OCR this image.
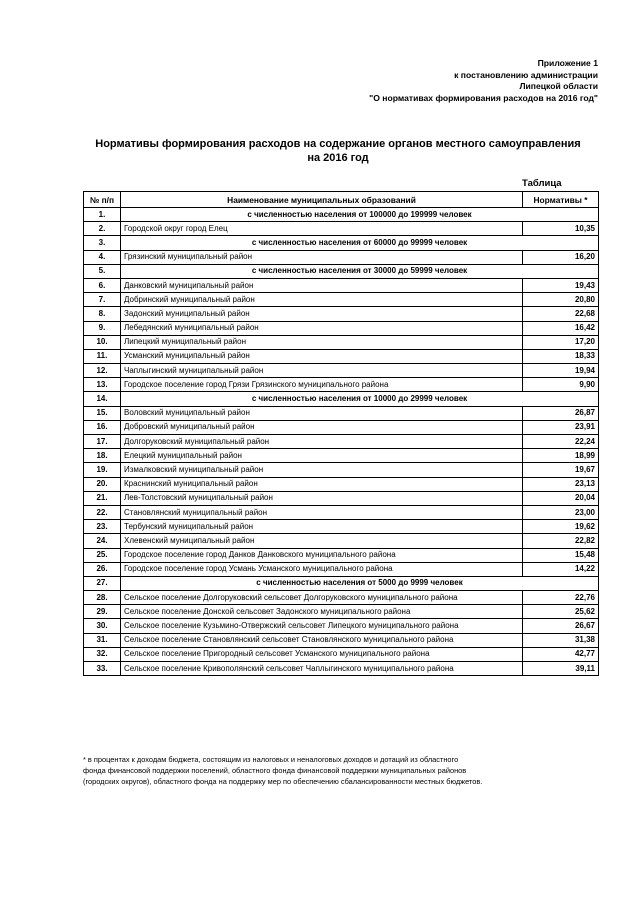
Приложение 1
к постановлению администрации
Липецкой области
"О нормативах формирования расходов на 2016 год"
Нормативы формирования расходов на содержание органов местного самоуправления
на 2016 год
Таблица
№ п/п	Наименование муниципальных образований	Нормативы *
1.	с численностью населения от 100000 до 199999 человек	
2.	Городской округ город Елец	10,35
3.	с численностью населения от 60000 до 99999 человек	
4.	Грязинский муниципальный район	16,20
5.	с численностью населения от 30000 до 59999 человек	
6.	Данковский муниципальный район	19,43
7.	Добринский муниципальный район	20,80
8.	Задонский муниципальный район	22,68
9.	Лебедянский муниципальный район	16,42
10.	Липецкий муниципальный район	17,20
11.	Усманский муниципальный район	18,33
12.	Чаплыгинский муниципальный район	19,94
13.	Городское поселение город Грязи Грязинского муниципального района	9,90
14.	с численностью населения от 10000 до 29999 человек	
15.	Воловский муниципальный район	26,87
16.	Добровский муниципальный район	23,91
17.	Долгоруковский муниципальный район	22,24
18.	Елецкий муниципальный район	18,99
19.	Измалковский муниципальный район	19,67
20.	Краснинский муниципальный район	23,13
21.	Лев-Толстовский муниципальный район	20,04
22.	Становлянский муниципальный район	23,00
23.	Тербунский муниципальный район	19,62
24.	Хлевенский муниципальный район	22,82
25.	Городское поселение город Данков Данковского муниципального района	15,48
26.	Городское поселение город Усмань Усманского муниципального района	14,22
27.	с численностью населения от 5000 до 9999 человек	
28.	Сельское поселение Долгоруковский сельсовет Долгоруковского муниципального района	22,76
29.	Сельское поселение Донской сельсовет Задонского муниципального района	25,62
30.	Сельское поселение Кузьмино-Отвержский сельсовет Липецкого муниципального района	26,67
31.	Сельское поселение Становлянский сельсовет Становлянского муниципального района	31,38
32.	Сельское поселение Пригородный сельсовет Усманского муниципального района	42,77
33.	Сельское поселение Кривополянский сельсовет Чаплыгинского муниципального района	39,11
* в процентах к доходам бюджета, состоящим из налоговых и неналоговых доходов и дотаций из областного
фонда финансовой поддержки поселений, областного фонда финансовой поддержки муниципальных районов
(городских округов), областного фонда на поддержку мер по обеспечению сбалансированности местных бюджетов.
